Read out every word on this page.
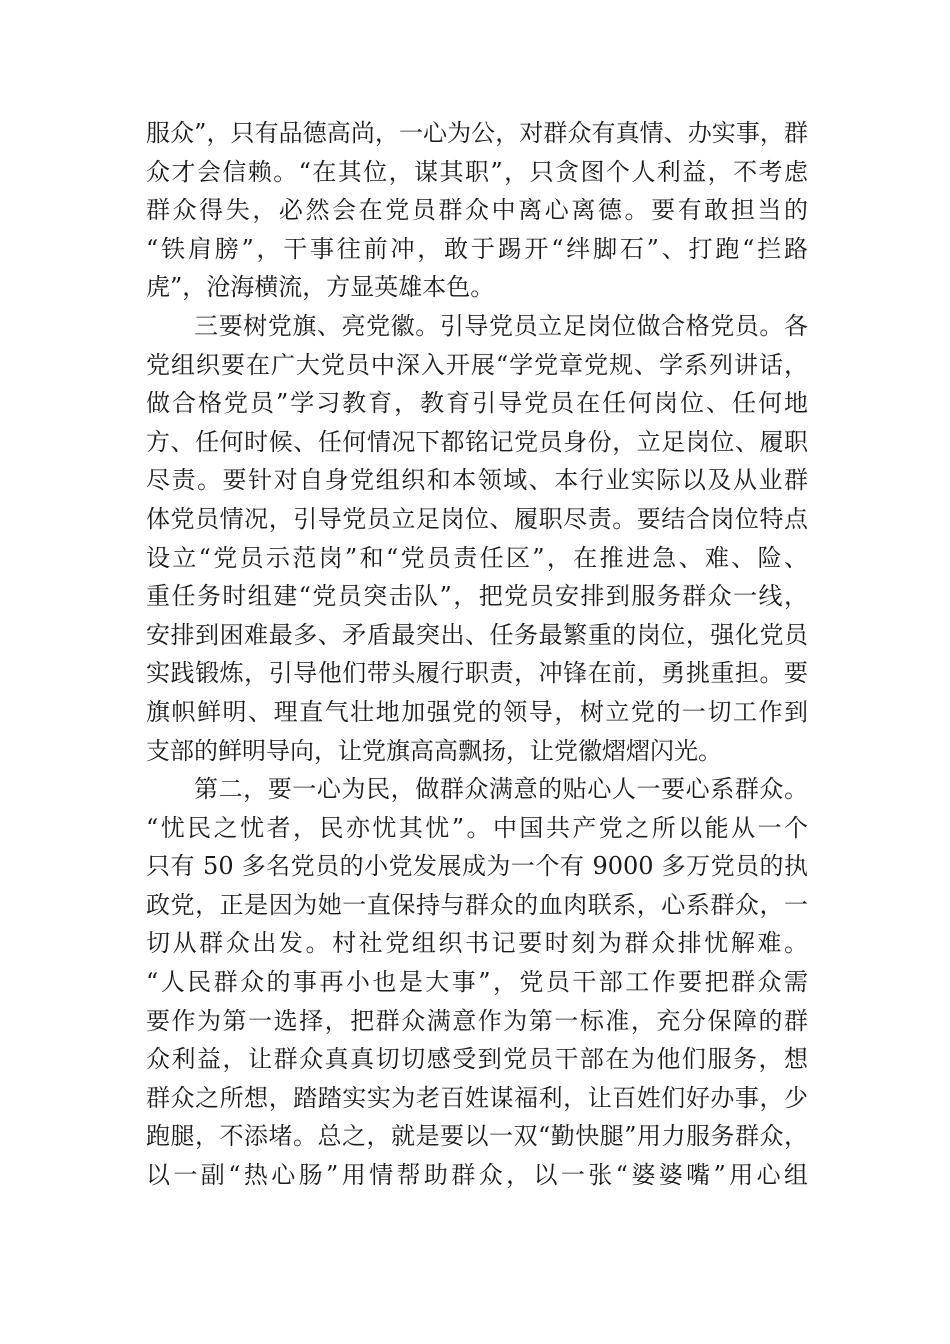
服众”，只有品德高尚，一心为公，对群众有真情、办实事，群
众才会信赖。“在其位，谋其职”，只贪图个人利益，不考虑
群众得失，必然会在党员群众中离心离德。要有敢担当的
“铁肩膀”，干事往前冲，敢于踢开“绊脚石”、打跑“拦路
虎”，沧海横流，方显英雄本色。
三要树党旗、亮党徽。引导党员立足岗位做合格党员。各
党组织要在广大党员中深入开展“学党章党规、学系列讲话，
做合格党员”学习教育，教育引导党员在任何岗位、任何地
方、任何时候、任何情况下都铭记党员身份，立足岗位、履职
尽责。要针对自身党组织和本领域、本行业实际以及从业群
体党员情况，引导党员立足岗位、履职尽责。要结合岗位特点
设立“党员示范岗”和“党员责任区”，在推进急、难、险、
重任务时组建“党员突击队”，把党员安排到服务群众一线，
安排到困难最多、矛盾最突出、任务最繁重的岗位，强化党员
实践锻炼，引导他们带头履行职责，冲锋在前，勇挑重担。要
旗帜鲜明、理直气壮地加强党的领导，树立党的一切工作到
支部的鲜明导向，让党旗高高飘扬，让党徽熠熠闪光。
第二，要一心为民，做群众满意的贴心人一要心系群众。
“忧民之忧者，民亦忧其忧”。中国共产党之所以能从一个
只有 50 多名党员的小党发展成为一个有 9000 多万党员的执
政党，正是因为她一直保持与群众的血肉联系，心系群众，一
切从群众出发。村社党组织书记要时刻为群众排忧解难。
“人民群众的事再小也是大事”，党员干部工作要把群众需
要作为第一选择，把群众满意作为第一标准，充分保障的群
众利益，让群众真真切切感受到党员干部在为他们服务，想
群众之所想，踏踏实实为老百姓谋福利，让百姓们好办事，少
跑腿，不添堵。总之，就是要以一双“勤快腿”用力服务群众，
以一副“热心肠”用情帮助群众，以一张“婆婆嘴”用心组
